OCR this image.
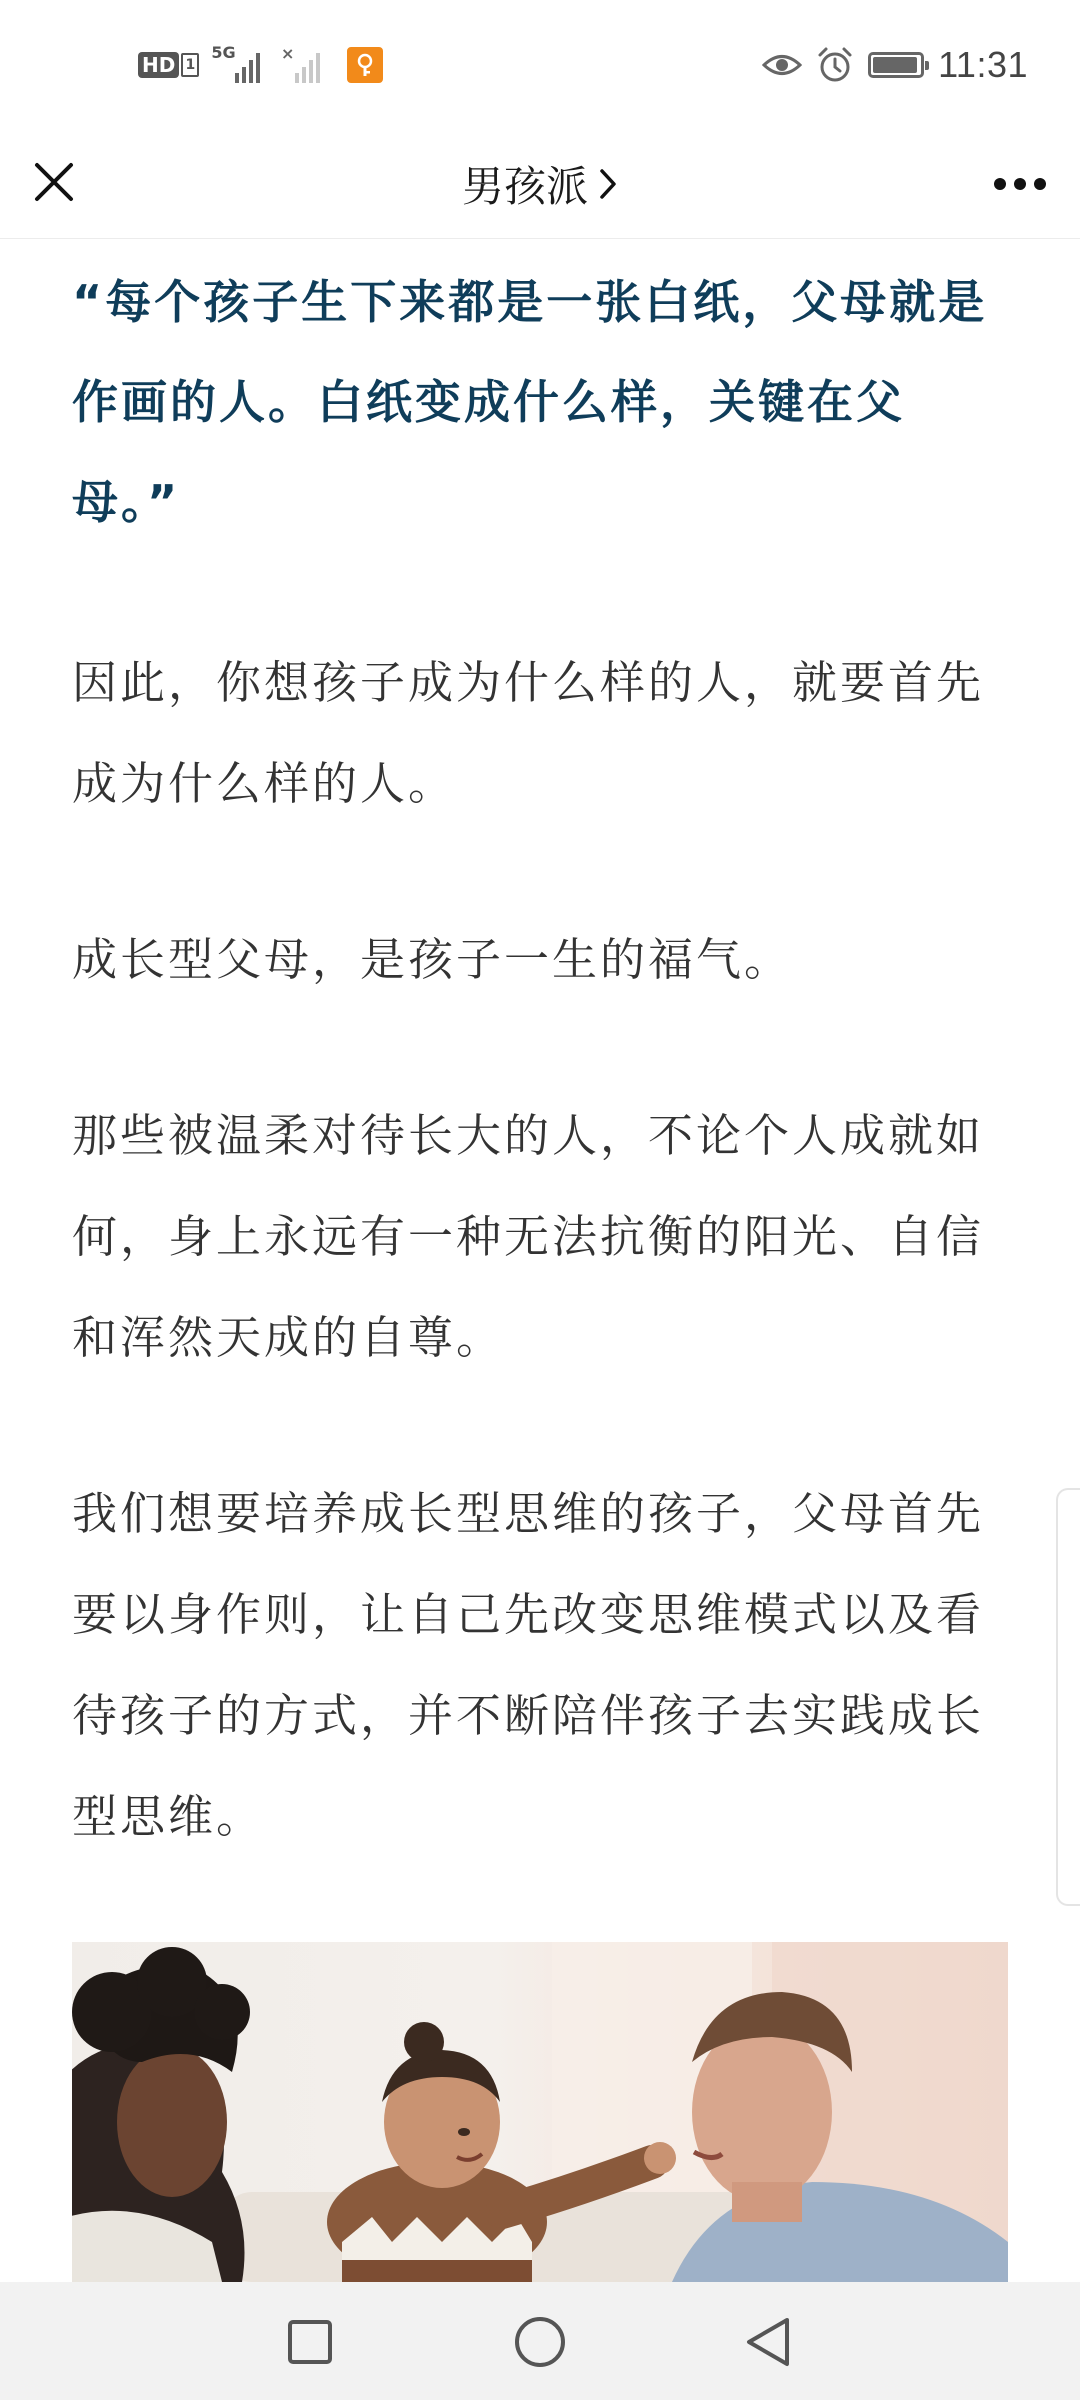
HD 1
5G	×	11:31
男孩派

“每个孩子生下来都是一张白纸，父母就是作画的人。白纸变成什么样，关键在父母。”

因此，你想孩子成为什么样的人，就要首先成为什么样的人。

成长型父母，是孩子一生的福气。

那些被温柔对待长大的人，不论个人成就如何，身上永远有一种无法抗衡的阳光、自信和浑然天成的自尊。

我们想要培养成长型思维的孩子，父母首先要以身作则，让自己先改变思维模式以及看待孩子的方式，并不断陪伴孩子去实践成长型思维。
